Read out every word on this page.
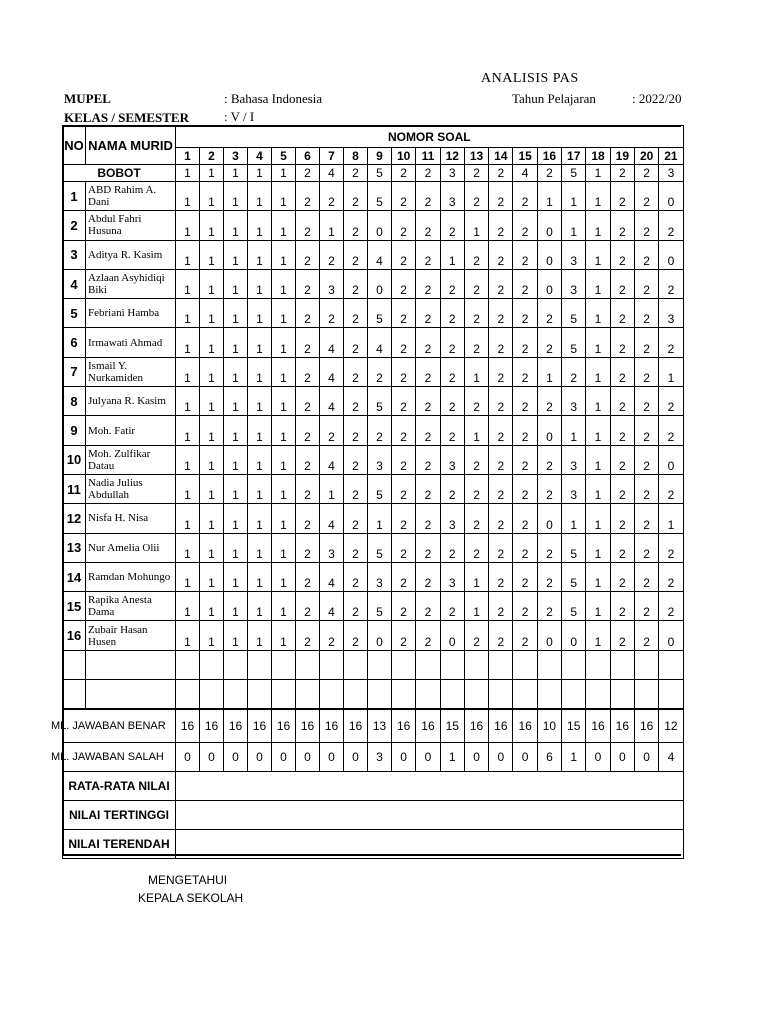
ANALISIS PAS
MUPEL	: Bahasa Indonesia	Tahun Pelajaran	: 2022/20
KELAS / SEMESTER	: V / I
NO	NAMA MURID	NOMOR SOAL																				
		1	2	3	4	5	6	7	8	9	10	11	12	13	14	15	16	17	18	19	20	21
BOBOT		1	1	1	1	1	2	4	2	5	2	2	3	2	2	4	2	5	1	2	2	3
1	ABD Rahim A. Dani	1	1	1	1	1	2	2	2	5	2	2	3	2	2	2	1	1	1	2	2	0
2	Abdul Fahri Husuna	1	1	1	1	1	2	1	2	0	2	2	2	1	2	2	0	1	1	2	2	2
3	Aditya R. Kasim	1	1	1	1	1	2	2	2	4	2	2	1	2	2	2	0	3	1	2	2	0
4	Azlaan Asyhidiqi Biki	1	1	1	1	1	2	3	2	0	2	2	2	2	2	2	0	3	1	2	2	2
5	Febriani Hamba	1	1	1	1	1	2	2	2	5	2	2	2	2	2	2	2	5	1	2	2	3
6	Irmawati Ahmad	1	1	1	1	1	2	4	2	4	2	2	2	2	2	2	2	5	1	2	2	2
7	Ismail Y. Nurkamiden	1	1	1	1	1	2	4	2	2	2	2	2	1	2	2	1	2	1	2	2	1
8	Julyana R. Kasim	1	1	1	1	1	2	4	2	5	2	2	2	2	2	2	2	3	1	2	2	2
9	Moh. Fatir	1	1	1	1	1	2	2	2	2	2	2	2	1	2	2	0	1	1	2	2	2
10	Moh. Zulfikar Datau	1	1	1	1	1	2	4	2	3	2	2	3	2	2	2	2	3	1	2	2	0
11	Nadia Julius Abdullah	1	1	1	1	1	2	1	2	5	2	2	2	2	2	2	2	3	1	2	2	2
12	Nisfa H. Nisa	1	1	1	1	1	2	4	2	1	2	2	3	2	2	2	0	1	1	2	2	1
13	Nur Amelia Olii	1	1	1	1	1	2	3	2	5	2	2	2	2	2	2	2	5	1	2	2	2
14	Ramdan Mohungo	1	1	1	1	1	2	4	2	3	2	2	3	1	2	2	2	5	1	2	2	2
15	Rapika Anesta Dama	1	1	1	1	1	2	4	2	5	2	2	2	1	2	2	2	5	1	2	2	2
16	Zubair Hasan Husen	1	1	1	1	1	2	2	2	0	2	2	0	2	2	2	0	0	1	2	2	0

ML. JAWABAN BENAR		16	16	16	16	16	16	16	16	13	16	16	15	16	16	16	10	15	16	16	16	12
ML. JAWABAN SALAH		0	0	0	0	0	0	0	0	3	0	0	1	0	0	0	6	1	0	0	0	4
RATA-RATA NILAI																						
NILAI TERTINGGI																						
NILAI TERENDAH																						
MENGETAHUI
KEPALA SEKOLAH
